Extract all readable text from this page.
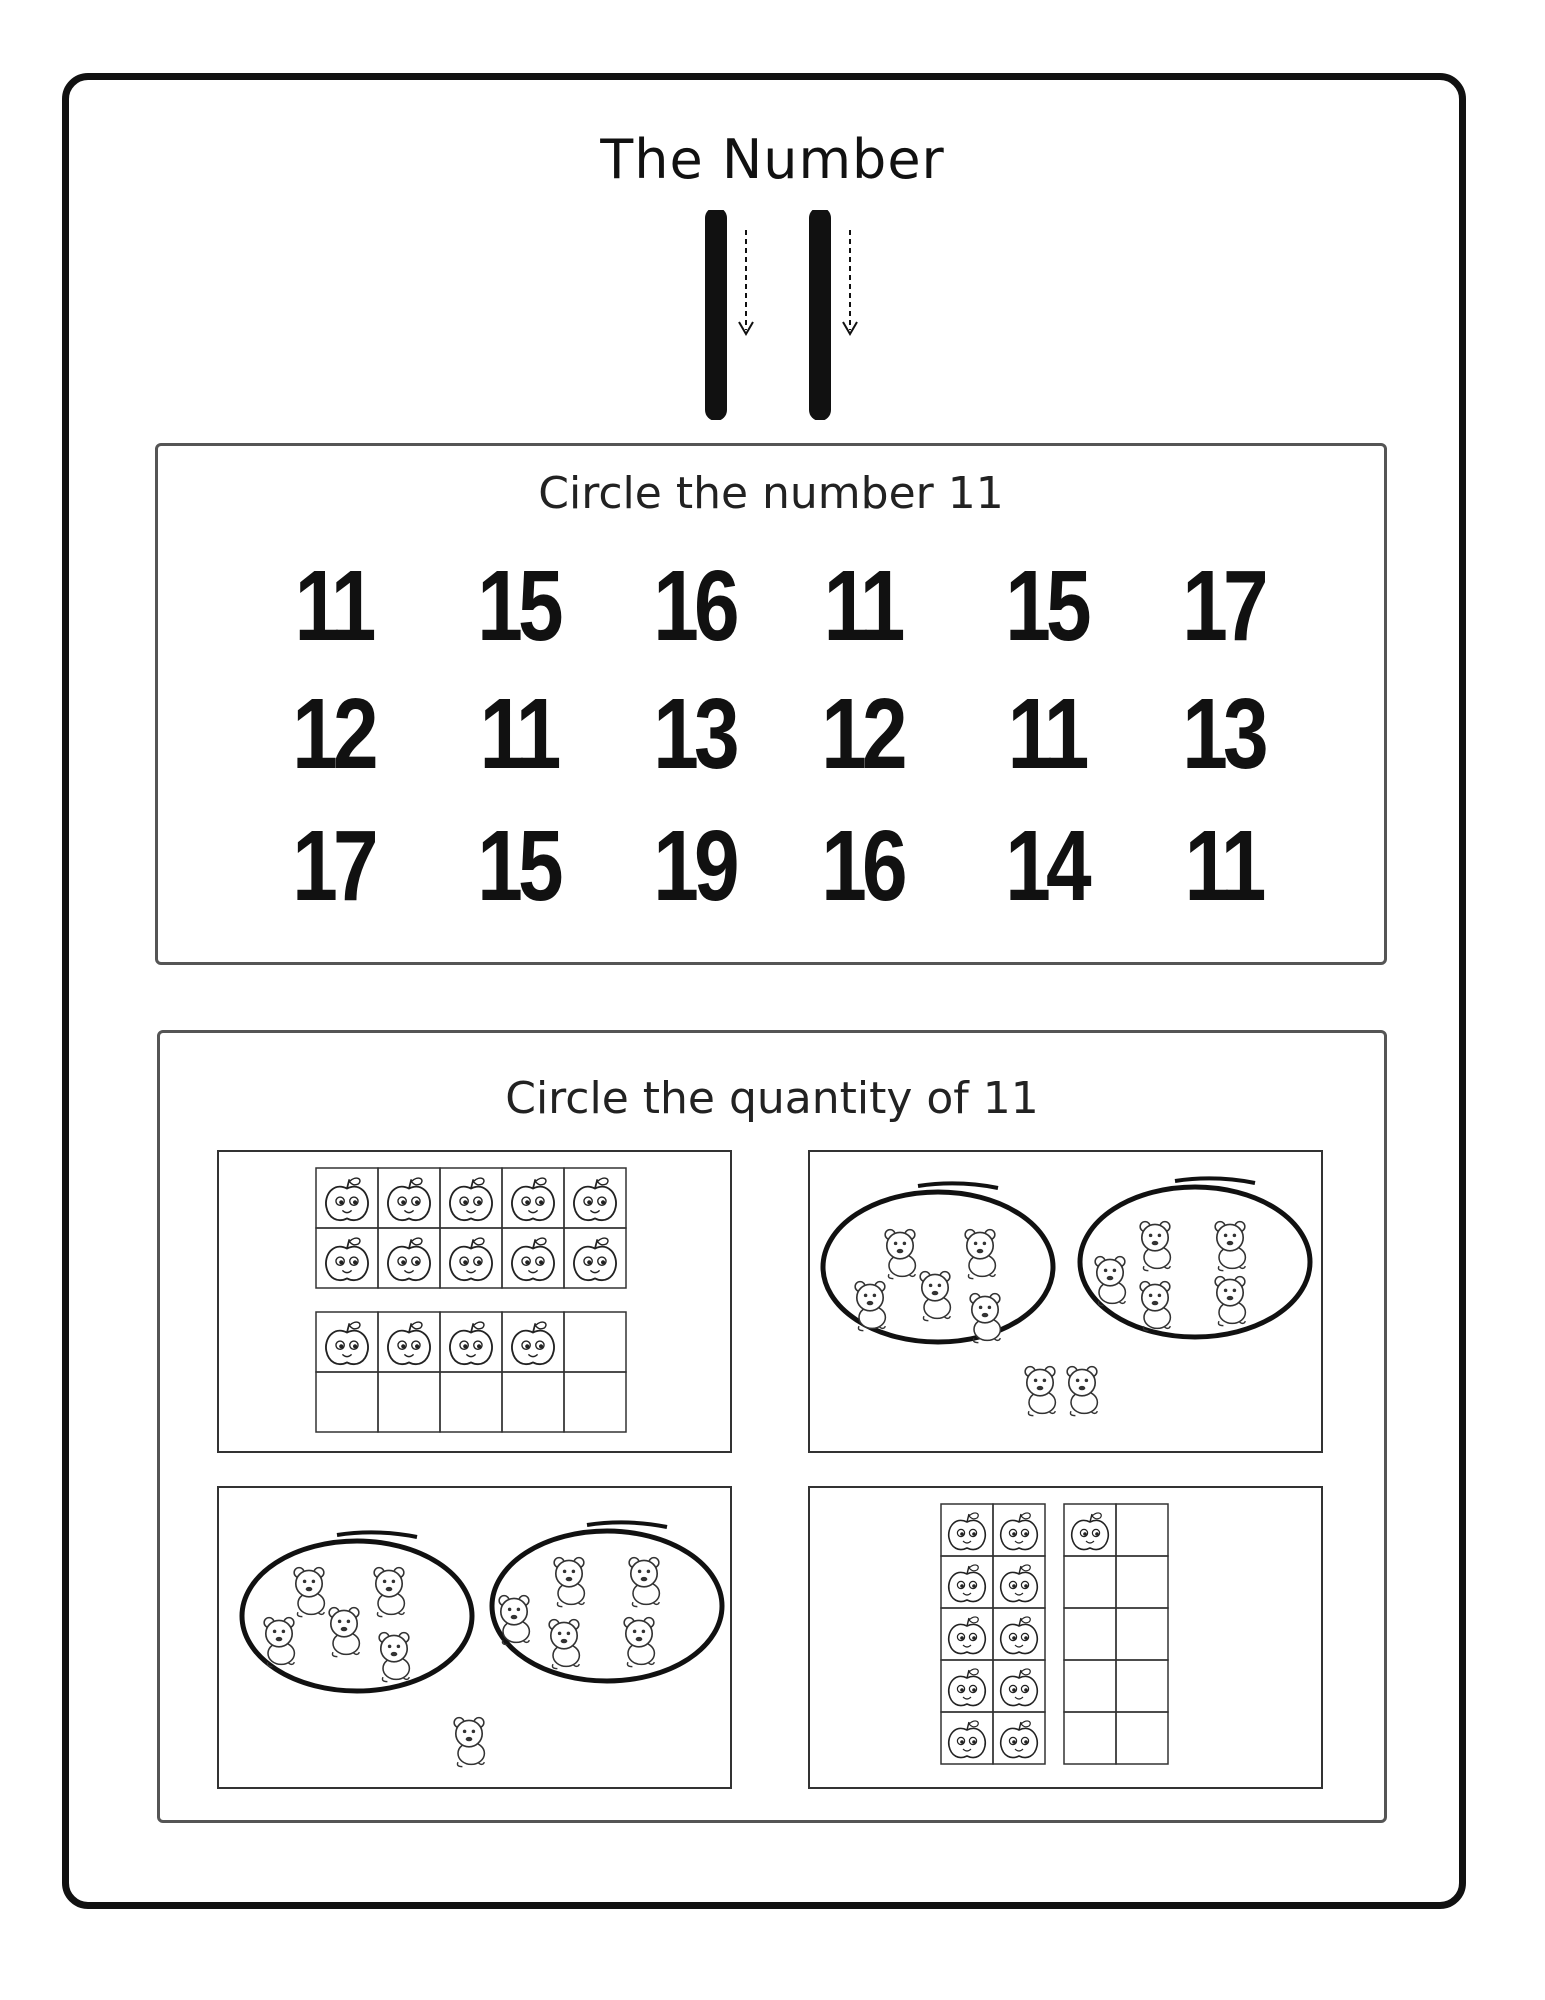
The Number
Circle the number 11
11 15 16 11 15 17
12 11 13 12 11 13
17 15 19 16 14 11
Circle the quantity of 11
